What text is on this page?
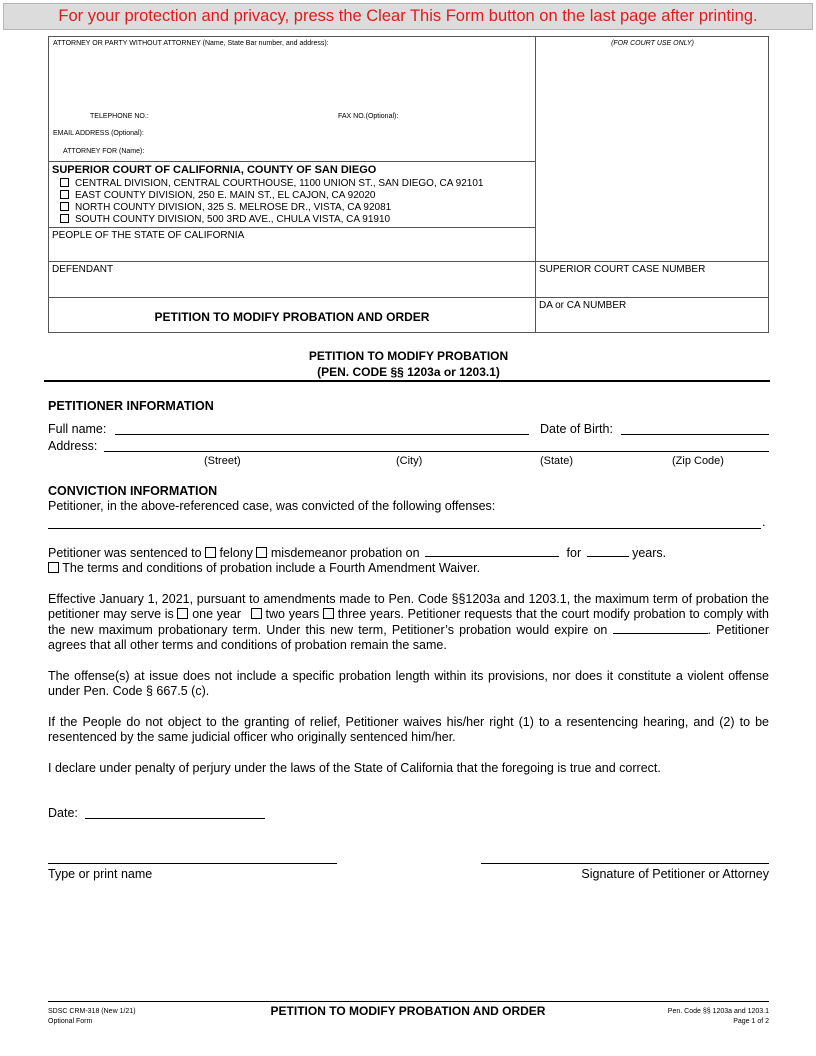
For your protection and privacy, press the Clear This Form button on the last page after printing.
ATTORNEY OR PARTY WITHOUT ATTORNEY (Name, State Bar number, and address):	(FOR COURT USE ONLY)
TELEPHONE NO.:	FAX NO.(Optional):
EMAIL ADDRESS (Optional):
ATTORNEY FOR (Name):
SUPERIOR COURT OF CALIFORNIA, COUNTY OF SAN DIEGO
CENTRAL DIVISION, CENTRAL COURTHOUSE, 1100 UNION ST., SAN DIEGO, CA 92101
EAST COUNTY DIVISION, 250 E. MAIN ST., EL CAJON, CA 92020
NORTH COUNTY DIVISION, 325 S. MELROSE DR., VISTA, CA 92081
SOUTH COUNTY DIVISION, 500 3RD AVE., CHULA VISTA, CA 91910
PEOPLE OF THE STATE OF CALIFORNIA
DEFENDANT	SUPERIOR COURT CASE NUMBER
PETITION TO MODIFY PROBATION AND ORDER
DA or CA NUMBER
PETITION TO MODIFY PROBATION
(PEN. CODE §§ 1203a or 1203.1)
PETITIONER INFORMATION
Full name:	Date of Birth:
Address:
(Street)	(City)	(State)	(Zip Code)
CONVICTION INFORMATION
Petitioner, in the above-referenced case, was convicted of the following offenses:
.
Petitioner was sentenced to felony misdemeanor probation on	for	years.
The terms and conditions of probation include a Fourth Amendment Waiver.

Effective January 1, 2021, pursuant to amendments made to Pen. Code §§1203a and 1203.1, the maximum term of probation the petitioner may serve is one year two years three years. Petitioner requests that the court modify probation to comply with the new maximum probationary term. Under this new term, Petitioner’s probation would expire on	. Petitioner agrees that all other terms and conditions of probation remain the same.

The offense(s) at issue does not include a specific probation length within its provisions, nor does it constitute a violent offense under Pen. Code § 667.5 (c).

If the People do not object to the granting of relief, Petitioner waives his/her right (1) to a resentencing hearing, and (2) to be resentenced by the same judicial officer who originally sentenced him/her.

I declare under penalty of perjury under the laws of the State of California that the foregoing is true and correct.

Date:
Type or print name	Signature of Petitioner or Attorney
SDSC CRM-318 (New 1/21)
Optional Form
PETITION TO MODIFY PROBATION AND ORDER	Pen. Code §§ 1203a and 1203.1
Page 1 of 2
